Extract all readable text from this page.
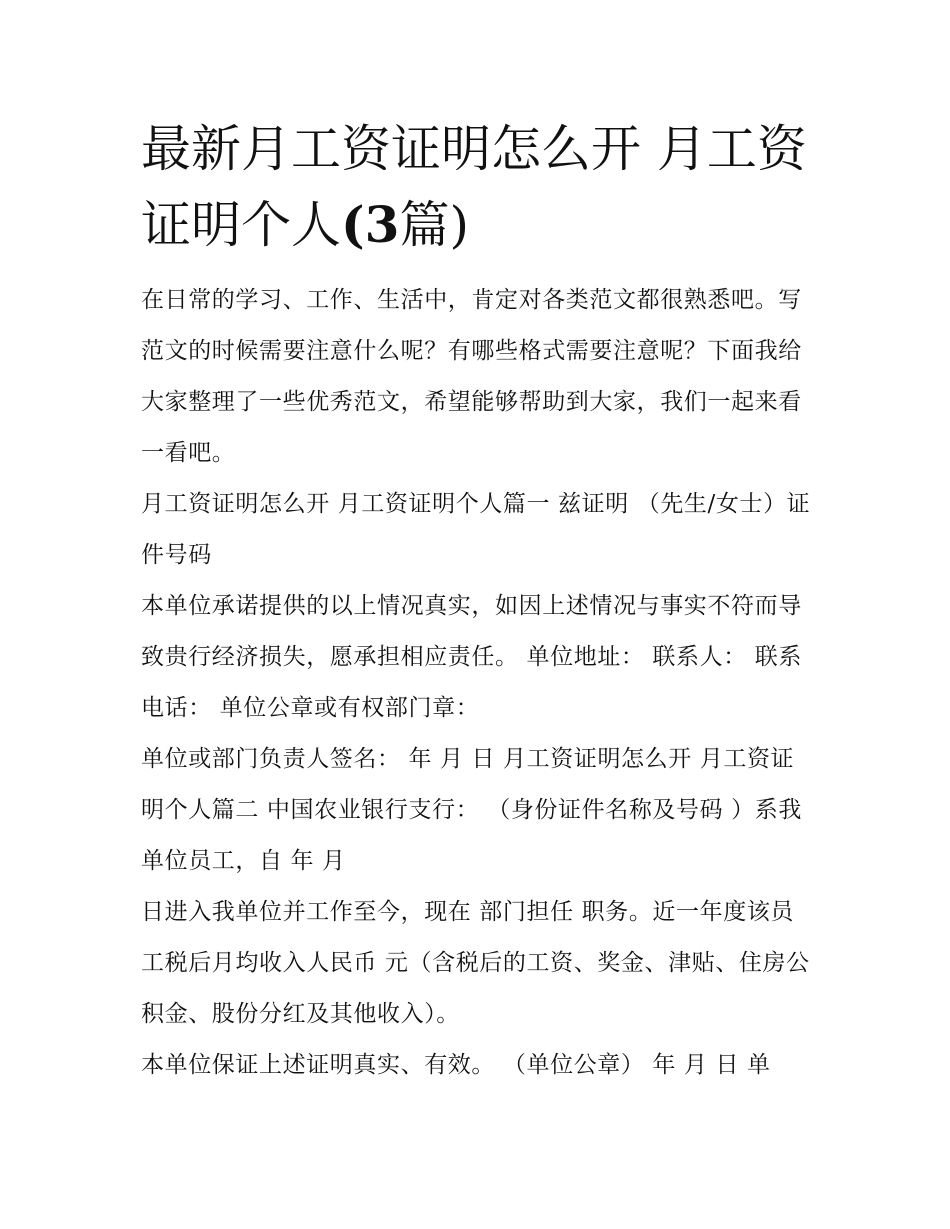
最新月工资证明怎么开 月工资证明个人(3篇)

在日常的学习、工作、生活中，肯定对各类范文都很熟悉吧。写范文的时候需要注意什么呢？有哪些格式需要注意呢？下面我给大家整理了一些优秀范文，希望能够帮助到大家，我们一起来看一看吧。

月工资证明怎么开 月工资证明个人篇一 兹证明 （先生/女士）证件号码

本单位承诺提供的以上情况真实，如因上述情况与事实不符而导致贵行经济损失，愿承担相应责任。 单位地址： 联系人： 联系电话： 单位公章或有权部门章：

单位或部门负责人签名： 年 月 日 月工资证明怎么开 月工资证明个人篇二 中国农业银行支行： （身份证件名称及号码 ）系我单位员工，自 年 月

日进入我单位并工作至今，现在 部门担任 职务。近一年度该员工税后月均收入人民币 元（含税后的工资、奖金、津贴、住房公积金、股份分红及其他收入）。

本单位保证上述证明真实、有效。 （单位公章） 年 月 日 单
